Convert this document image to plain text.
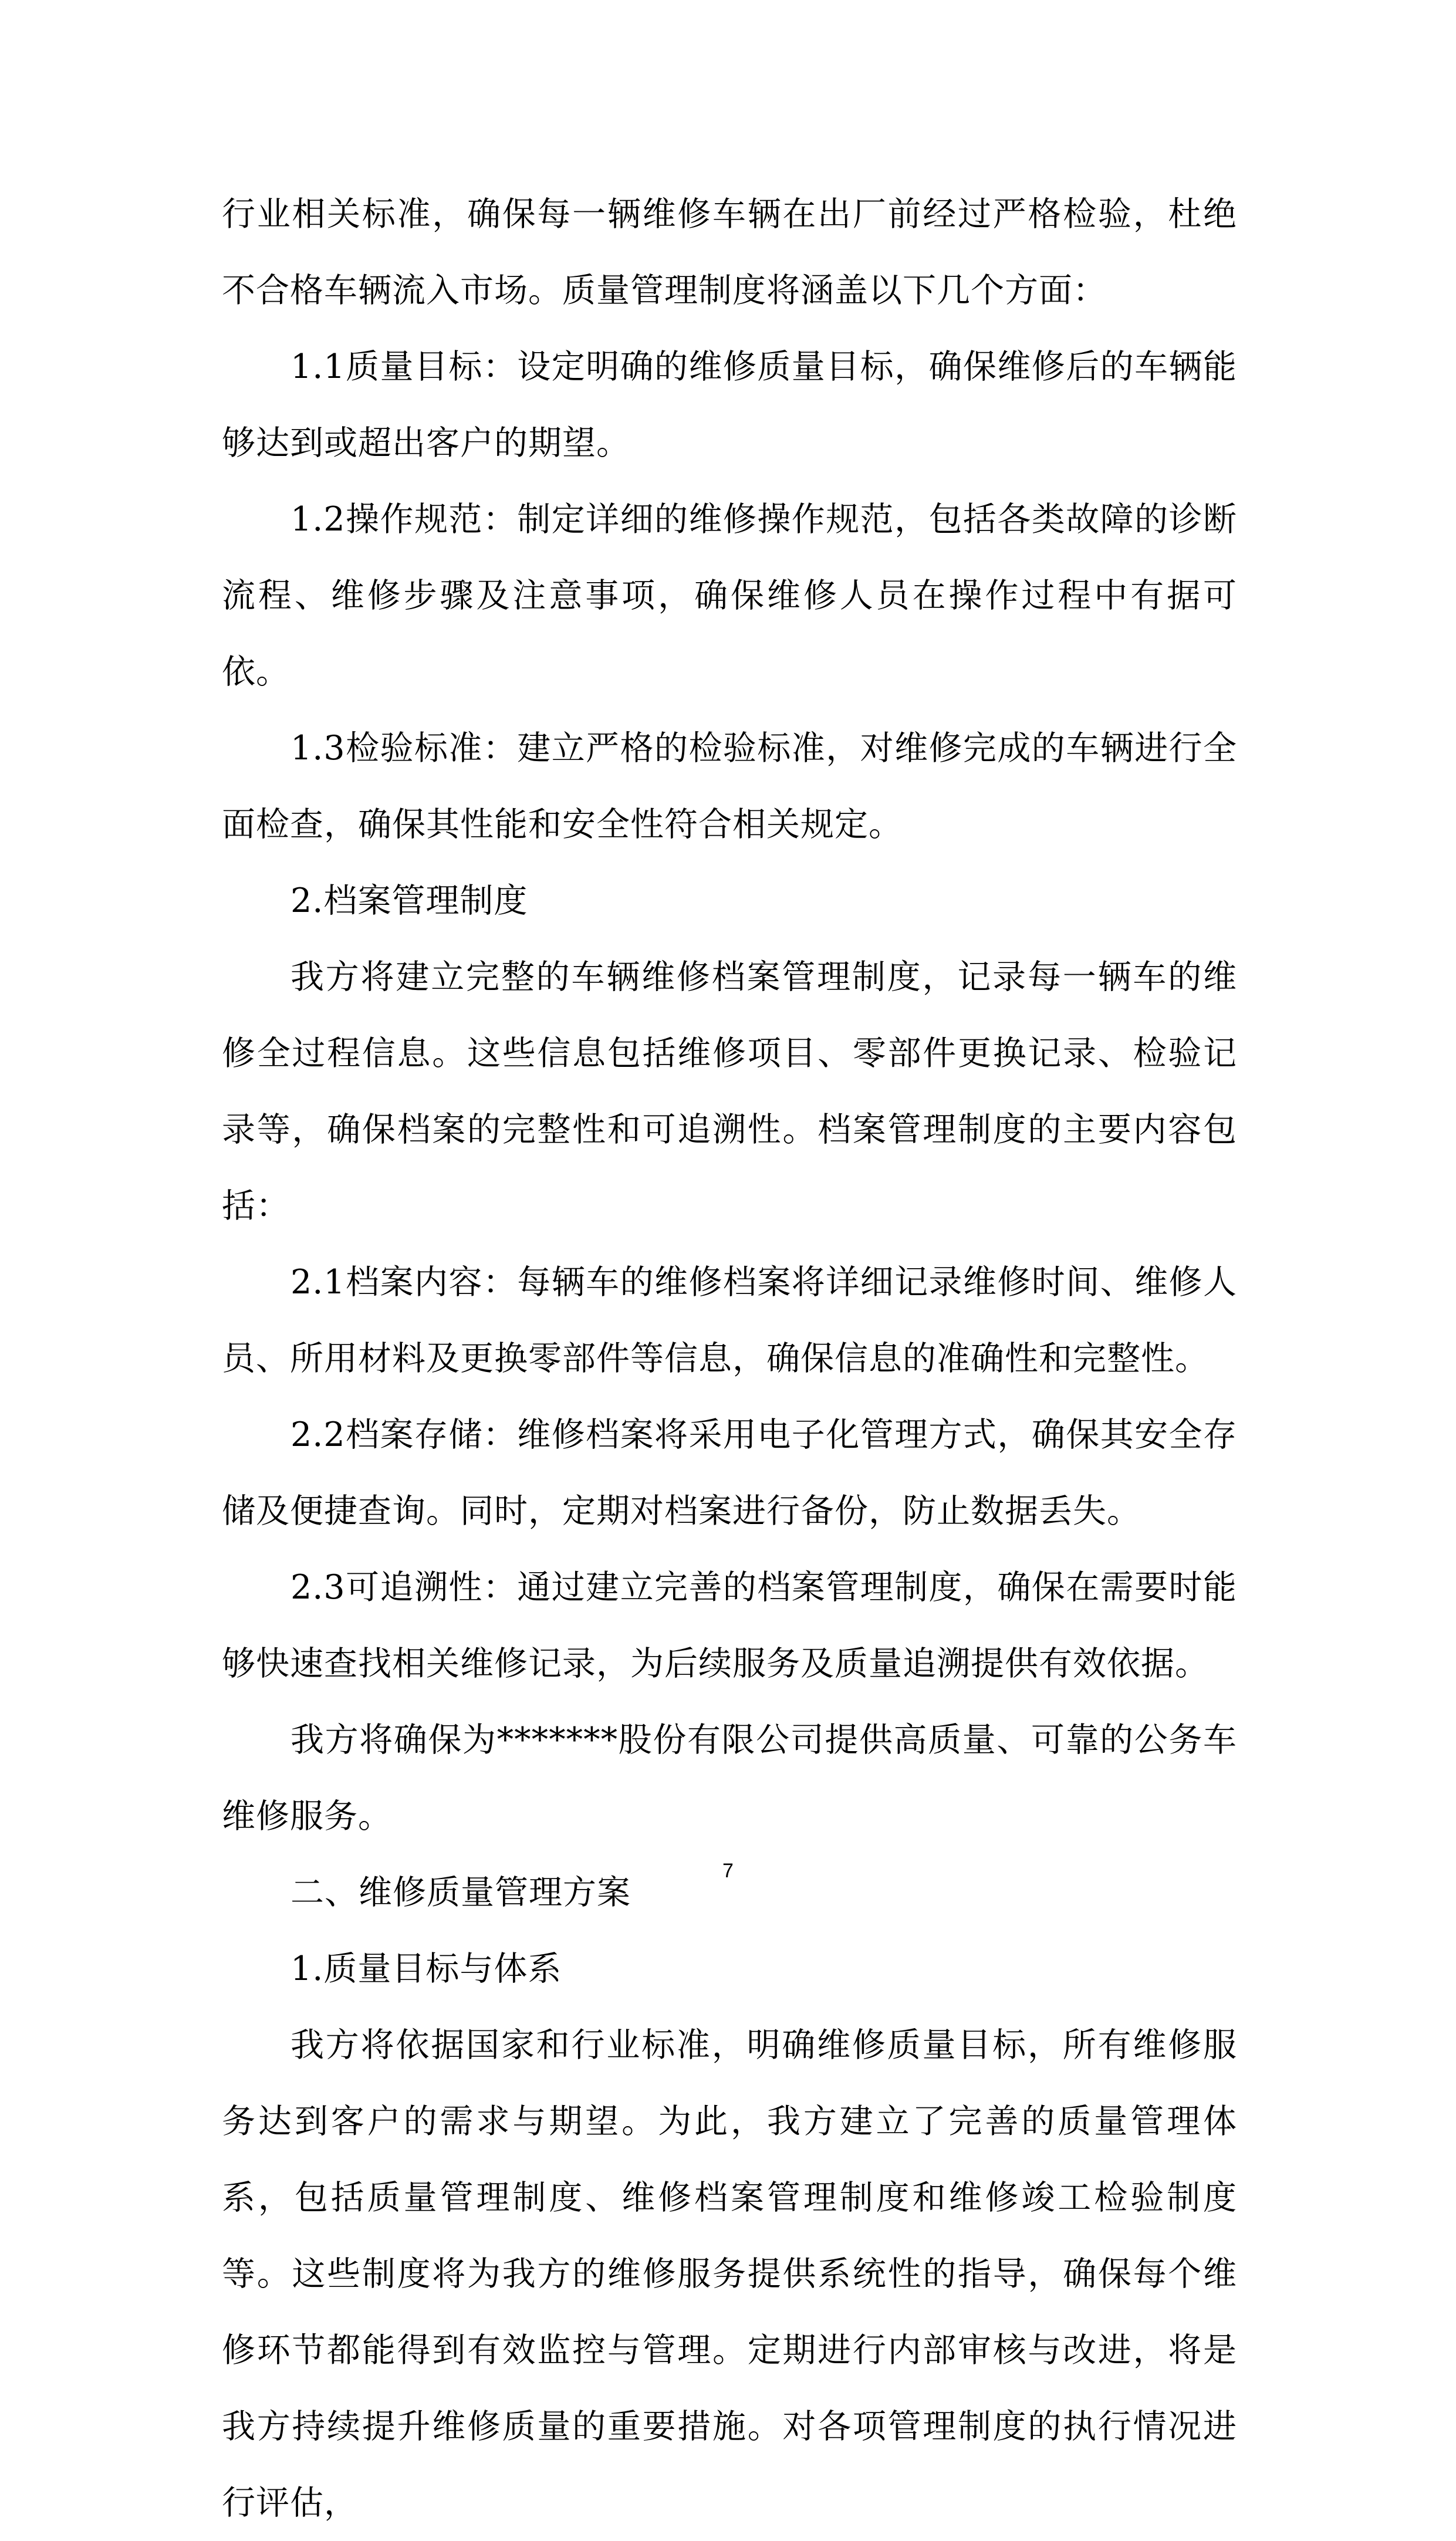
行业相关标准，确保每一辆维修车辆在出厂前经过严格检验，杜绝不合格车辆流入市场。质量管理制度将涵盖以下几个方面：

1.1质量目标：设定明确的维修质量目标，确保维修后的车辆能够达到或超出客户的期望。

1.2操作规范：制定详细的维修操作规范，包括各类故障的诊断流程、维修步骤及注意事项，确保维修人员在操作过程中有据可依。

1.3检验标准：建立严格的检验标准，对维修完成的车辆进行全面检查，确保其性能和安全性符合相关规定。

2.档案管理制度

我方将建立完整的车辆维修档案管理制度，记录每一辆车的维修全过程信息。这些信息包括维修项目、零部件更换记录、检验记录等，确保档案的完整性和可追溯性。档案管理制度的主要内容包括：

2.1档案内容：每辆车的维修档案将详细记录维修时间、维修人员、所用材料及更换零部件等信息，确保信息的准确性和完整性。

2.2档案存储：维修档案将采用电子化管理方式，确保其安全存储及便捷查询。同时，定期对档案进行备份，防止数据丢失。

2.3可追溯性：通过建立完善的档案管理制度，确保在需要时能够快速查找相关维修记录，为后续服务及质量追溯提供有效依据。

我方将确保为*******股份有限公司提供高质量、可靠的公务车维修服务。

二、维修质量管理方案

1.质量目标与体系

我方将依据国家和行业标准，明确维修质量目标，所有维修服务达到客户的需求与期望。为此，我方建立了完善的质量管理体系，包括质量管理制度、维修档案管理制度和维修竣工检验制度等。这些制度将为我方的维修服务提供系统性的指导，确保每个维修环节都能得到有效监控与管理。定期进行内部审核与改进，将是我方持续提升维修质量的重要措施。对各项管理制度的执行情况进行评估，

7
